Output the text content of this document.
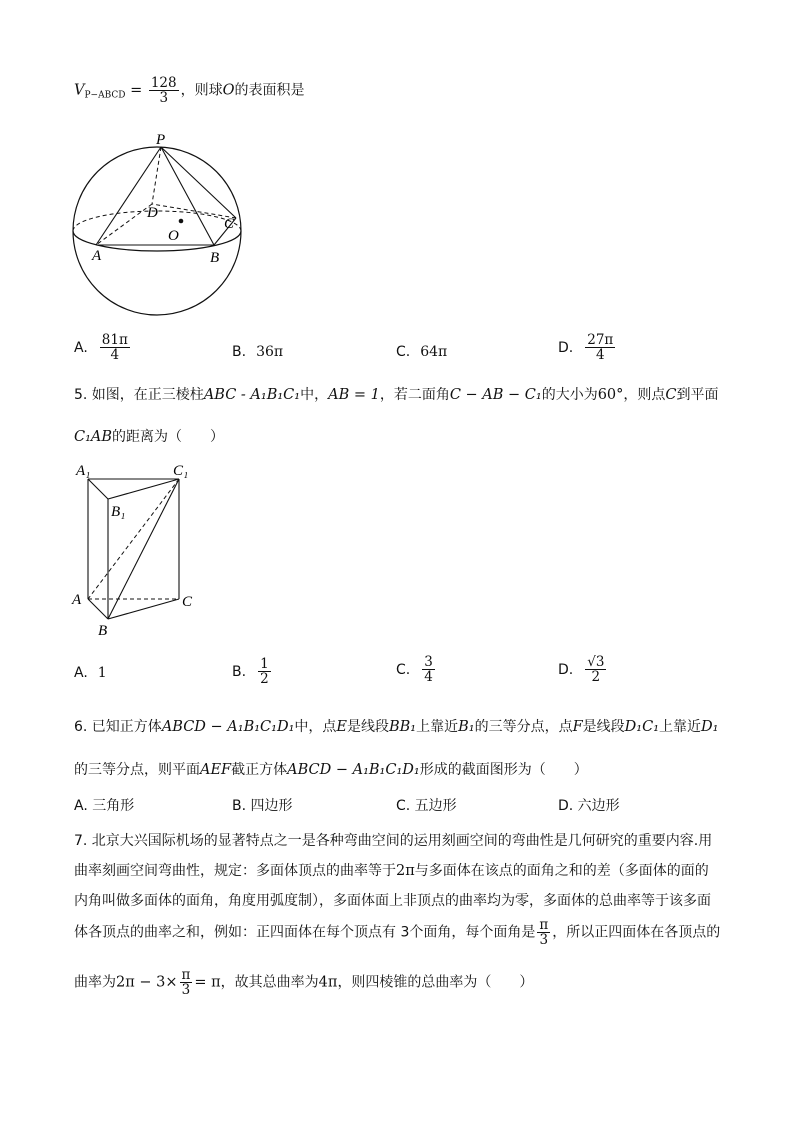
$V_{P-ABCD} = \frac{128}{3}$ ，则球O的表面积是
P
D
O
C
A	B
A. $\frac{81\pi}{4}$	B. 36π	C. 64π	D. $\frac{27\pi}{4}$
5. 如图，在正三棱柱ABC - A₁B₁C₁中，AB = 1，若二面角C − AB − C₁的大小为60°，则点C到平面
C₁AB的距离为（　　）
A₁	C₁
B₁
A	C
B
A. 1	B. $\frac{1}{2}$	C. $\frac{3}{4}$	D. $\frac{√3}{2}$
6. 已知正方体ABCD − A₁B₁C₁D₁中，点E是线段BB₁上靠近B₁的三等分点，点F是线段D₁C₁上靠近D₁
的三等分点，则平面AEF截正方体ABCD − A₁B₁C₁D₁形成的截面图形为（　　）
A. 三角形	B. 四边形	C. 五边形	D. 六边形
7. 北京大兴国际机场的显著特点之一是各种弯曲空间的运用刻画空间的弯曲性是几何研究的重要内容.用
曲率刻画空间弯曲性，规定：多面体顶点的曲率等于2π与多面体在该点的面角之和的差（多面体的面的
内角叫做多面体的面角，角度用弧度制），多面体面上非顶点的曲率均为零，多面体的总曲率等于该多面
体各顶点的曲率之和，例如：正四面体在每个顶点有 3个面角，每个面角是 $\frac{\pi}{3}$ ，所以正四面体在各顶点的
曲率为$2\pi - 3\times \frac{\pi}{3} = \pi$，故其总曲率为4π，则四棱锥的总曲率为（　　）
